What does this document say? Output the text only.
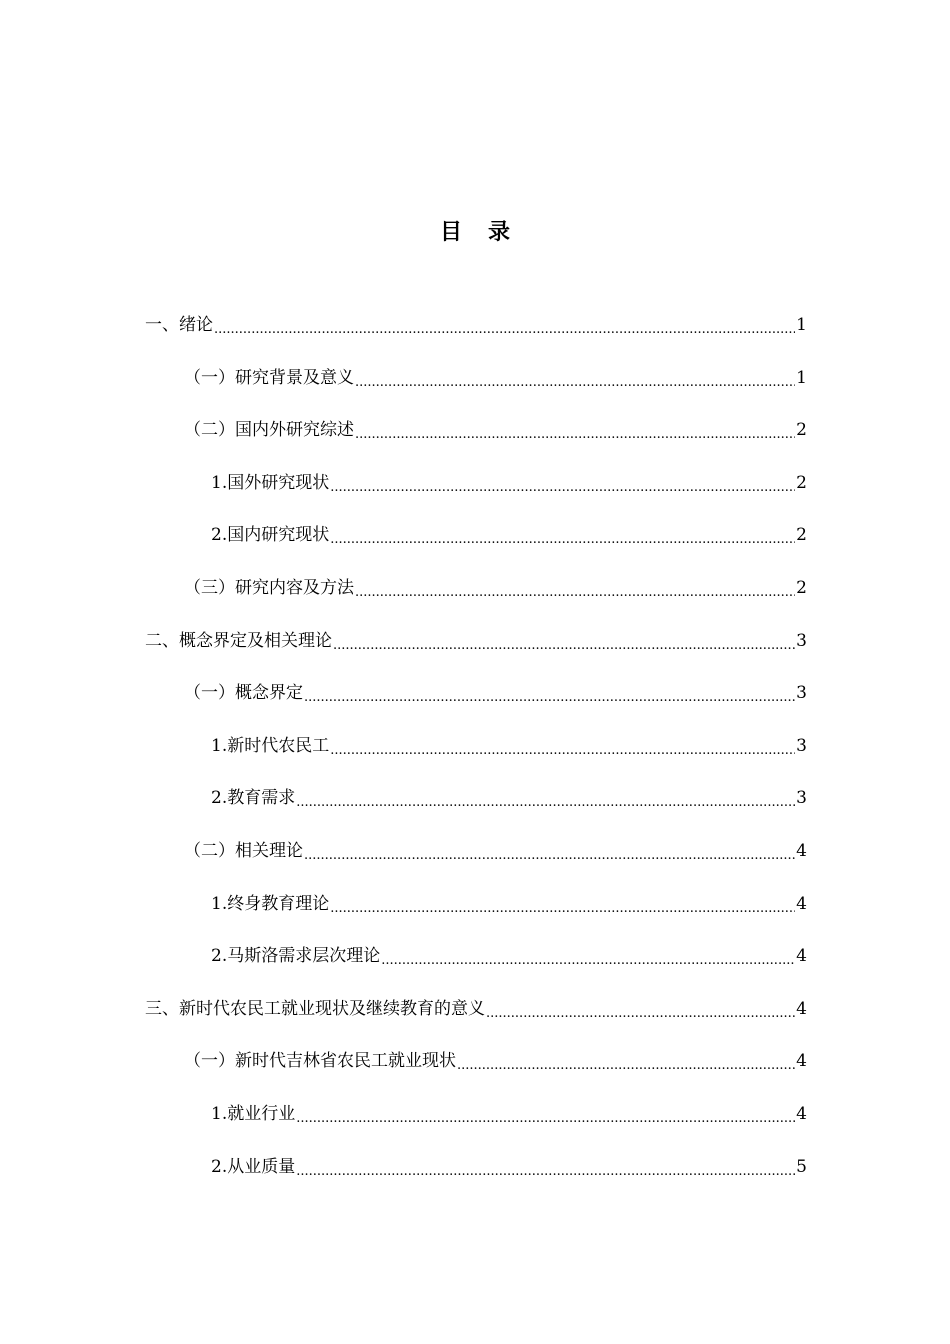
目录
一、绪论 .....	1
（一）研究背景及意义 .....	1
（二）国内外研究综述 .....	2
1.国外研究现状 .....	2
2.国内研究现状 .....	2
（三）研究内容及方法 .....	2
二、概念界定及相关理论 .....	3
（一）概念界定 .....	3
1.新时代农民工 .....	3
2.教育需求 .....	3
（二）相关理论 .....	4
1.终身教育理论 .....	4
2.马斯洛需求层次理论 .....	4
三、新时代农民工就业现状及继续教育的意义 .....	4
（一）新时代吉林省农民工就业现状 .....	4
1.就业行业 .....	4
2.从业质量 .....	5
